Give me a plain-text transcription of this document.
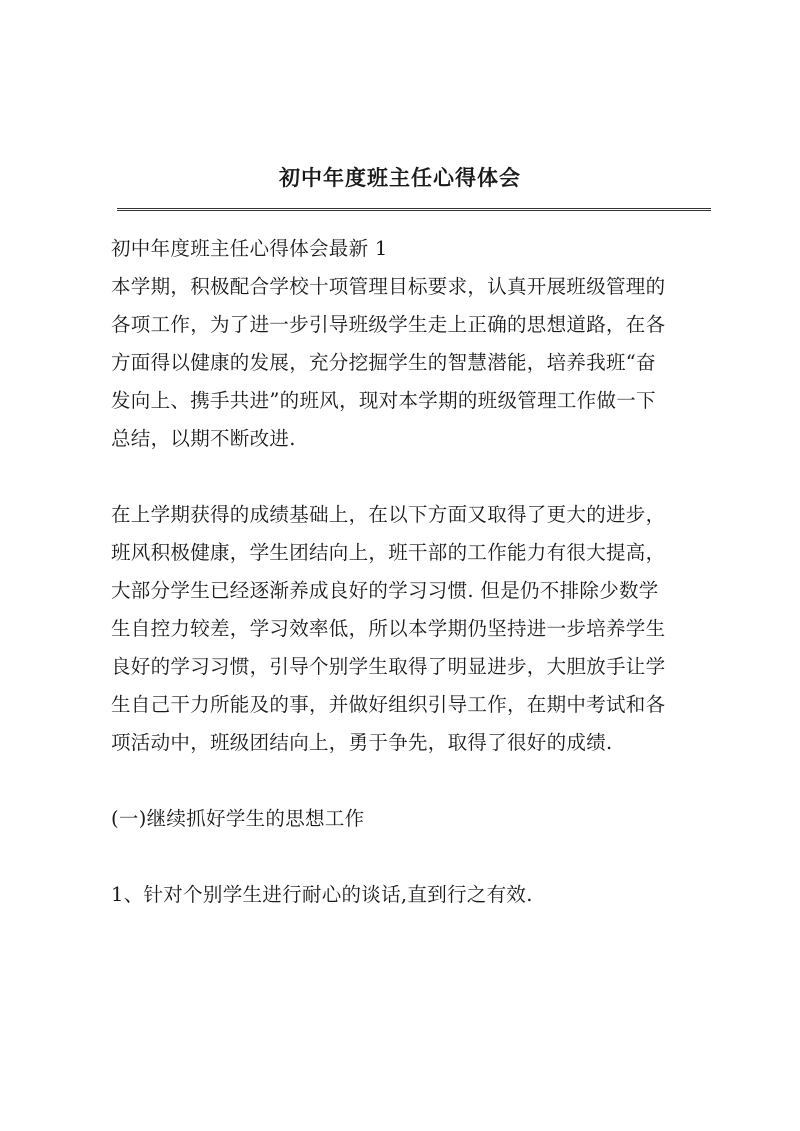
初中年度班主任心得体会
初中年度班主任心得体会最新 1
本学期，积极配合学校十项管理目标要求，认真开展班级管理的
各项工作，为了进一步引导班级学生走上正确的思想道路，在各
方面得以健康的发展，充分挖掘学生的智慧潜能，培养我班“奋
发向上、携手共进”的班风，现对本学期的班级管理工作做一下
总结，以期不断改进.
在上学期获得的成绩基础上，在以下方面又取得了更大的进步，
班风积极健康，学生团结向上，班干部的工作能力有很大提高，
大部分学生已经逐渐养成良好的学习习惯. 但是仍不排除少数学
生自控力较差，学习效率低，所以本学期仍坚持进一步培养学生
良好的学习习惯，引导个别学生取得了明显进步，大胆放手让学
生自己干力所能及的事，并做好组织引导工作，在期中考试和各
项活动中，班级团结向上，勇于争先，取得了很好的成绩.
(一)继续抓好学生的思想工作
1、针对个别学生进行耐心的谈话,直到行之有效.
